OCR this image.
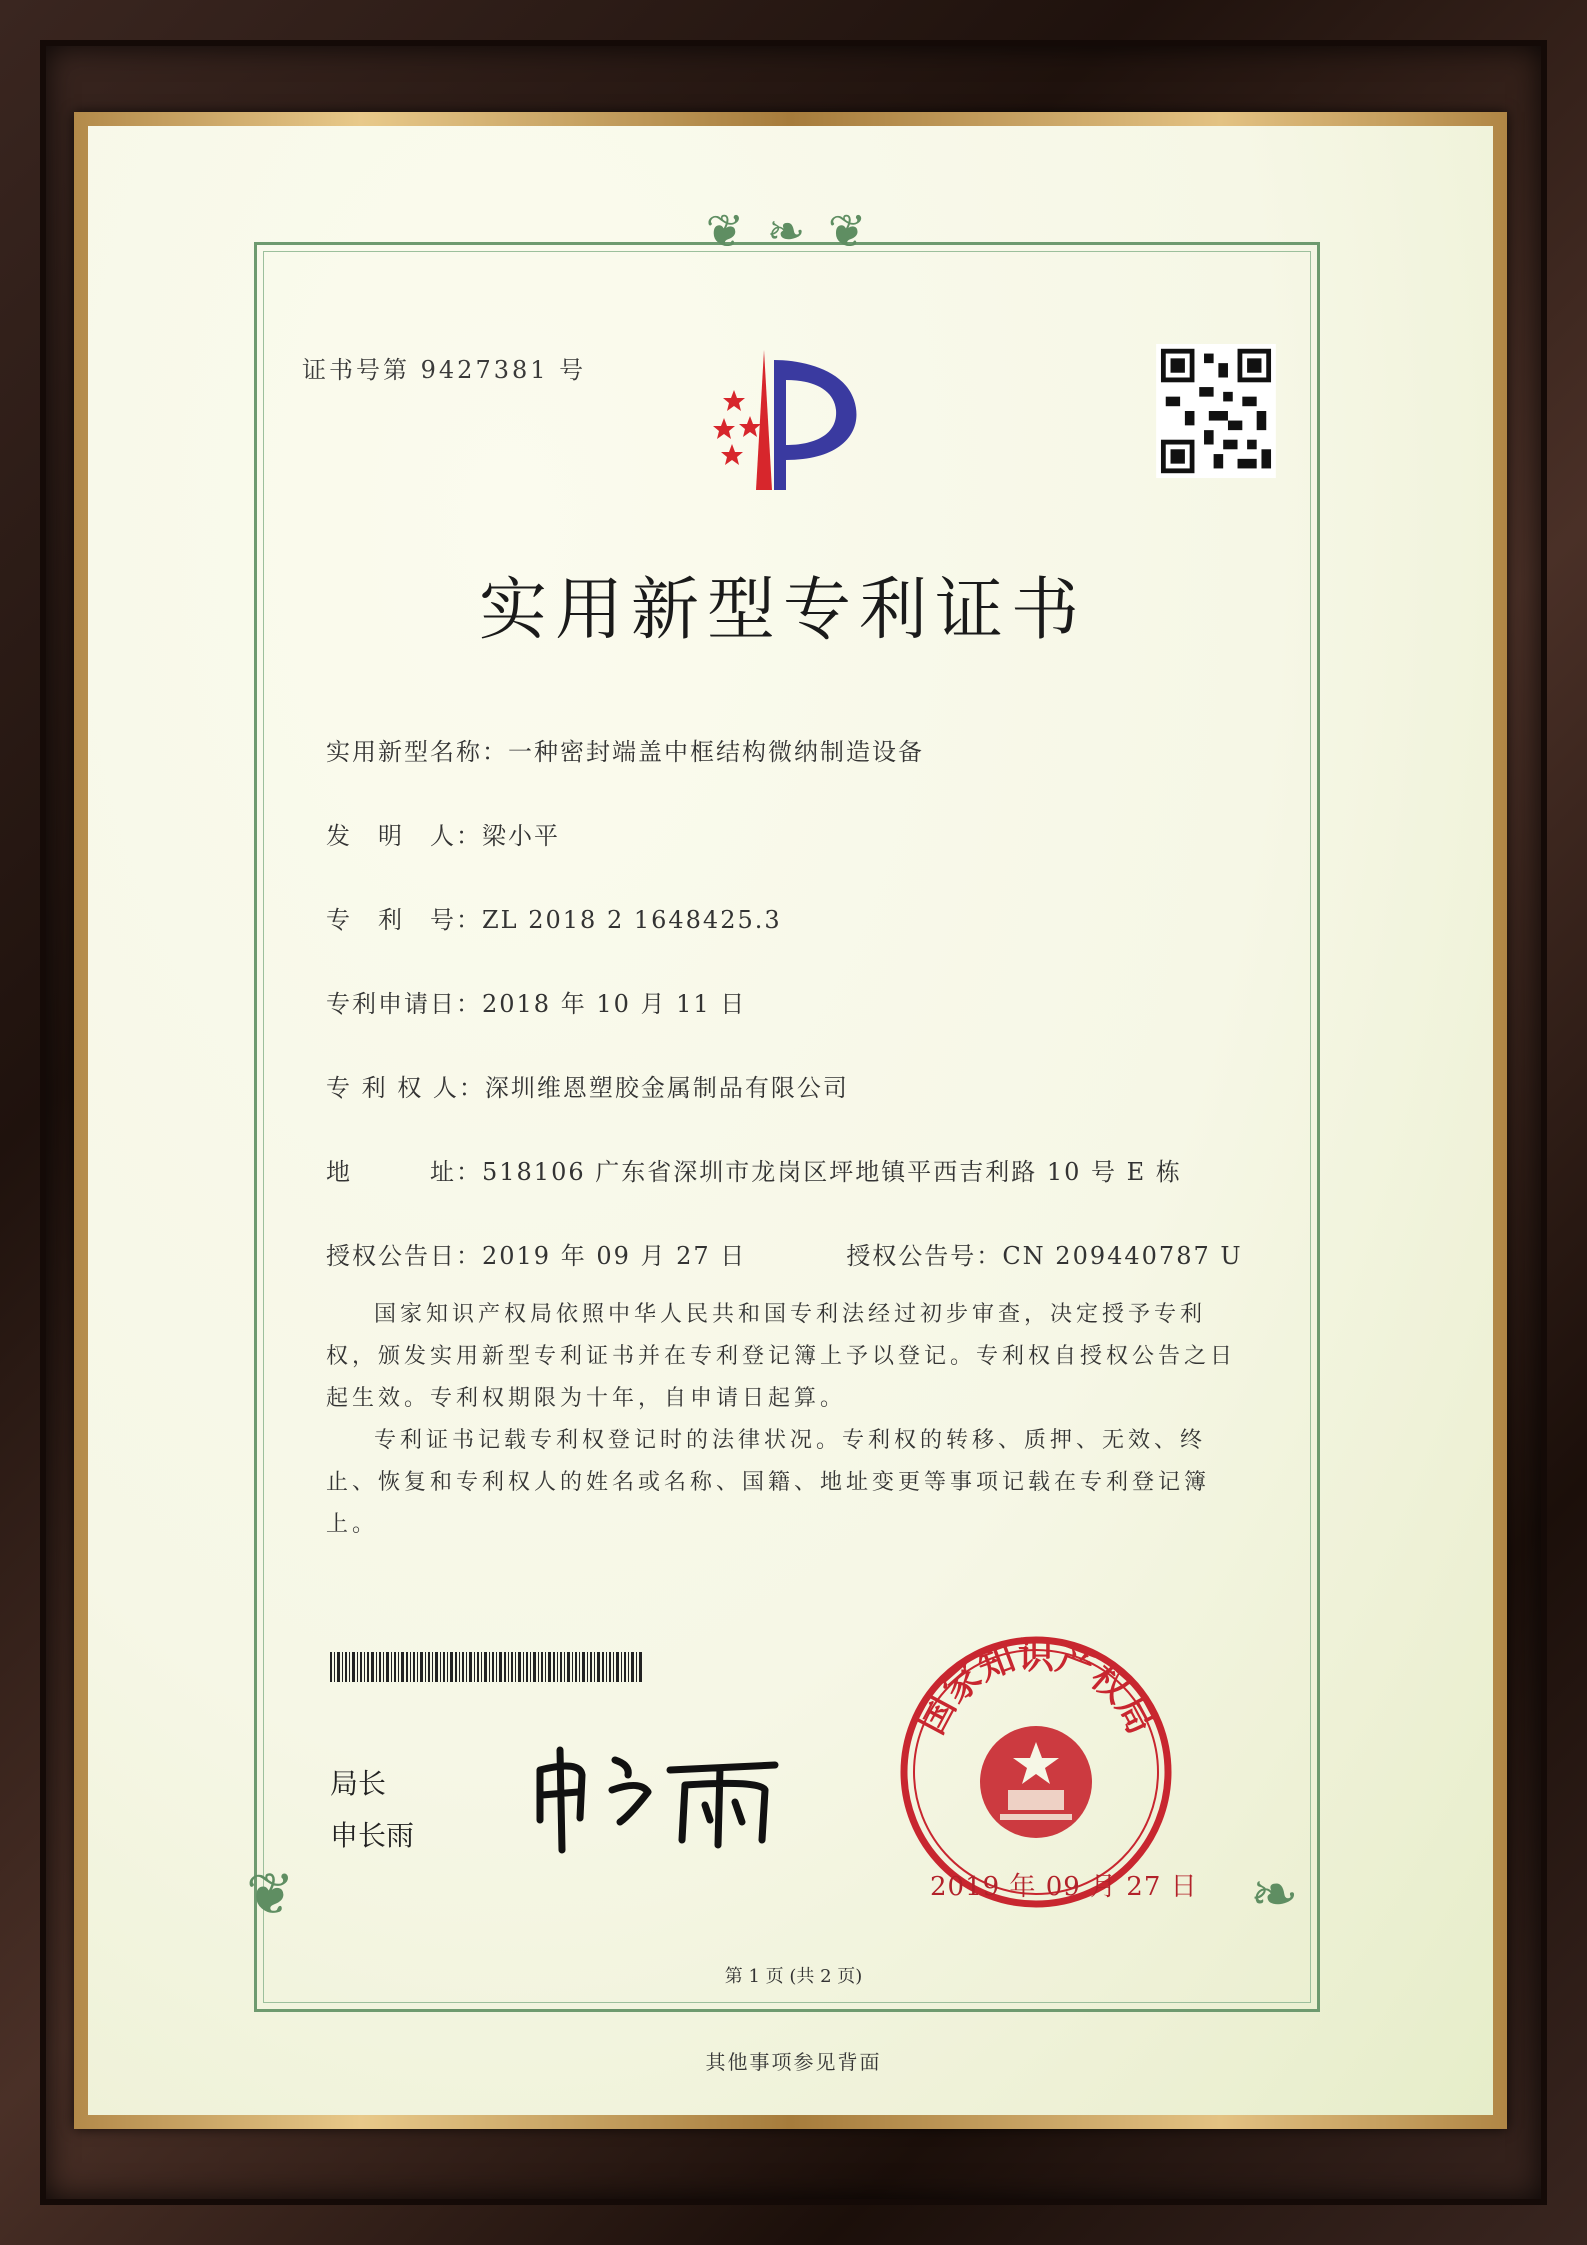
❦ ❧ ❦
❦	❧
证书号第 9427381 号
实用新型专利证书
实用新型名称：一种密封端盖中框结构微纳制造设备
发　明　人：梁小平
专　利　号：ZL 2018 2 1648425.3
专利申请日：2018 年 10 月 11 日
专 利 权 人：深圳维恩塑胶金属制品有限公司
地　　　址：518106 广东省深圳市龙岗区坪地镇平西吉利路 10 号 E 栋
授权公告日：2019 年 09 月 27 日	授权公告号：CN 209440787 U
国家知识产权局依照中华人民共和国专利法经过初步审查，决定授予专利权，颁发实用新型专利证书并在专利登记簿上予以登记。专利权自授权公告之日起生效。专利权期限为十年，自申请日起算。
专利证书记载专利权登记时的法律状况。专利权的转移、质押、无效、终止、恢复和专利权人的姓名或名称、国籍、地址变更等事项记载在专利登记簿上。
局长
申长雨
国家知识产权局
2019 年 09 月 27 日
第 1 页 (共 2 页)
其他事项参见背面
